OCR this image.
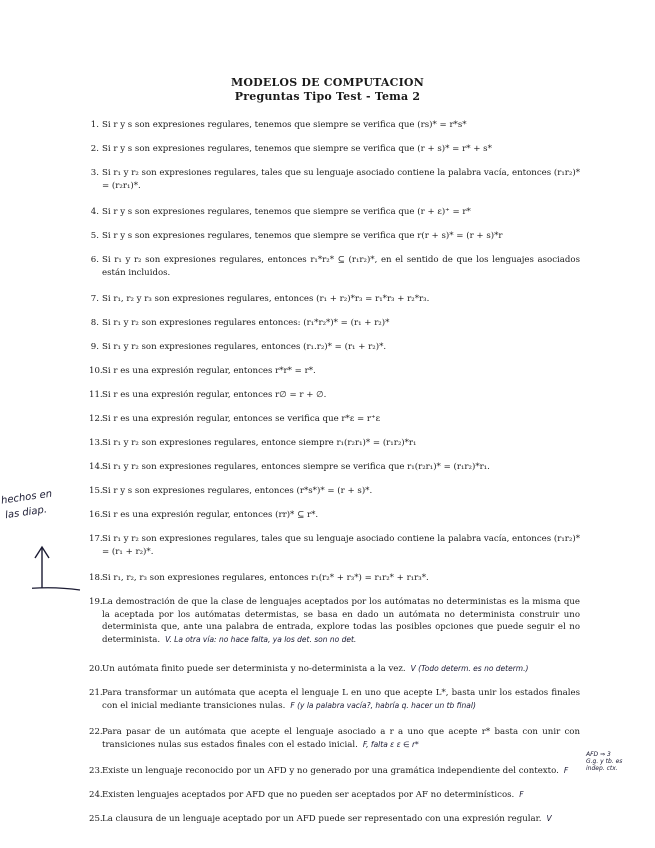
MODELOS DE COMPUTACION
Preguntas Tipo Test - Tema 2
1. Si r y s son expresiones regulares, tenemos que siempre se verifica que (rs)* = r*s*
2. Si r y s son expresiones regulares, tenemos que siempre se verifica que (r + s)* = r* + s*
3. Si r₁ y r₂ son expresiones regulares, tales que su lenguaje asociado contiene la palabra vacía, entonces (r₁r₂)* = (r₂r₁)*.
4. Si r y s son expresiones regulares, tenemos que siempre se verifica que (r + ε)⁺ = r*
5. Si r y s son expresiones regulares, tenemos que siempre se verifica que r(r + s)* = (r + s)*r
6. Si r₁ y r₂ son expresiones regulares, entonces r₁*r₂* ⊆ (r₁r₂)*, en el sentido de que los lenguajes asociados están incluidos.
7. Si r₁, r₂ y r₃ son expresiones regulares, entonces (r₁ + r₂)*r₃ = r₁*r₃ + r₂*r₃.
8. Si r₁ y r₂ son expresiones regulares entonces: (r₁*r₂*)* = (r₁ + r₂)*
9. Si r₁ y r₂ son expresiones regulares, entonces (r₁.r₂)* = (r₁ + r₂)*.
10. Si r es una expresión regular, entonces r*r* = r*.
11. Si r es una expresión regular, entonces r∅ = r + ∅.
12. Si r es una expresión regular, entonces se verifica que r*ε = r⁺ε
13. Si r₁ y r₂ son expresiones regulares, entonce siempre r₁(r₂r₁)* = (r₁r₂)*r₁
14. Si r₁ y r₂ son expresiones regulares, entonces siempre se verifica que r₁(r₂r₁)* = (r₁r₂)*r₁.
15. Si r y s son expresiones regulares, entonces (r*s*)* = (r + s)*.
16. Si r es una expresión regular, entonces (rr)* ⊆ r*.
17. Si r₁ y r₂ son expresiones regulares, tales que su lenguaje asociado contiene la palabra vacía, entonces (r₁r₂)* = (r₁ + r₂)*.
18. Si r₁, r₂, r₃ son expresiones regulares, entonces r₁(r₂* + r₃*) = r₁r₂* + r₁r₃*.
19. La demostración de que la clase de lenguajes aceptados por los autómatas no deterministas es la misma que la aceptada por los autómatas determistas, se basa en dado un autómata no determinista construir uno determinista que, ante una palabra de entrada, explore todas las posibles opciones que puede seguir el no determinista. V. La otra vía: no hace falta, ya los det. son no det.
20. Un autómata finito puede ser determinista y no-determinista a la vez. V (Todo determ. es no determ.)
21. Para transformar un autómata que acepta el lenguaje L en uno que acepte L*, basta unir los estados finales con el inicial mediante transiciones nulas. F (y la palabra vacía?, habría q. hacer un tb final)
22. Para pasar de un autómata que acepte el lenguaje asociado a r a uno que acepte r* basta con unir con transiciones nulas sus estados finales con el estado inicial. F, falta ε ε ∈ r*
23. Existe un lenguaje reconocido por un AFD y no generado por una gramática independiente del contexto. F
24. Existen lenguajes aceptados por AFD que no pueden ser aceptados por AF no determinísticos. F
25. La clausura de un lenguaje aceptado por un AFD puede ser representado con una expresión regular. V
hechos en
las diap.
AFD ⇒ 3 G.g. y tb. es indep. ctx.
